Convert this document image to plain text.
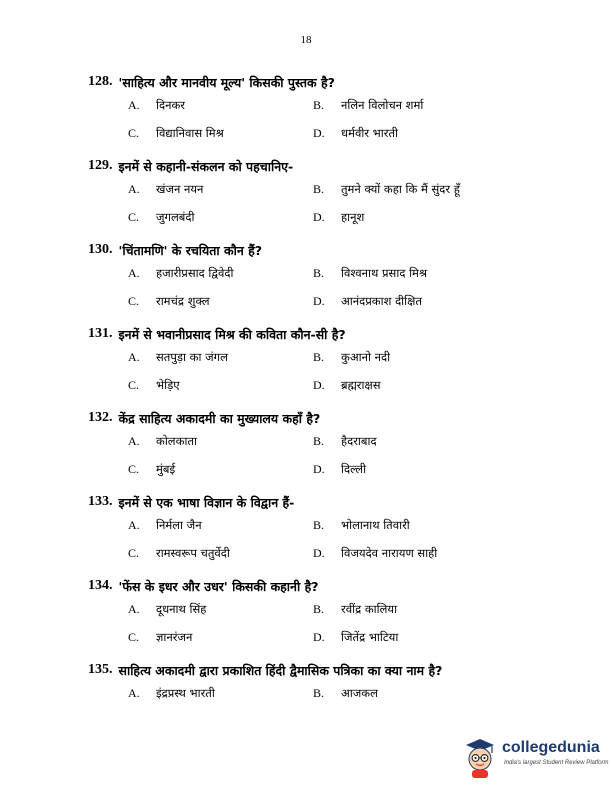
18
128. 'साहित्य और मानवीय मूल्य' किसकी पुस्तक है?
A.	दिनकर	B.	नलिन विलोचन शर्मा
C.	विद्यानिवास मिश्र	D.	धर्मवीर भारती
129. इनमें से कहानी-संकलन को पहचानिए-
A.	खंजन नयन	B.	तुमने क्यों कहा कि मैं सुंदर हूँ
C.	जुगलबंदी	D.	हानूश
130. 'चिंतामणि' के रचयिता कौन हैं?
A.	हजारीप्रसाद द्विवेदी	B.	विश्वनाथ प्रसाद मिश्र
C.	रामचंद्र शुक्ल	D.	आनंदप्रकाश दीक्षित
131. इनमें से भवानीप्रसाद मिश्र की कविता कौन-सी है?
A.	सतपुड़ा का जंगल	B.	कुआनो नदी
C.	भेड़िए	D.	ब्रह्मराक्षस
132. केंद्र साहित्य अकादमी का मुख्यालय कहाँ है?
A.	कोलकाता	B.	हैदराबाद
C.	मुंबई	D.	दिल्ली
133. इनमें से एक भाषा विज्ञान के विद्वान हैं-
A.	निर्मला जैन	B.	भोलानाथ तिवारी
C.	रामस्वरूप चतुर्वेदी	D.	विजयदेव नारायण साही
134. 'फेंस के इधर और उधर' किसकी कहानी है?
A.	दूधनाथ सिंह	B.	रवींद्र कालिया
C.	ज्ञानरंजन	D.	जितेंद्र भाटिया
135. साहित्य अकादमी द्वारा प्रकाशित हिंदी द्वैमासिक पत्रिका का क्या नाम है?
A.	इंद्रप्रस्थ भारती	B.	आजकल
collegedunia
India's largest Student Review Platform
